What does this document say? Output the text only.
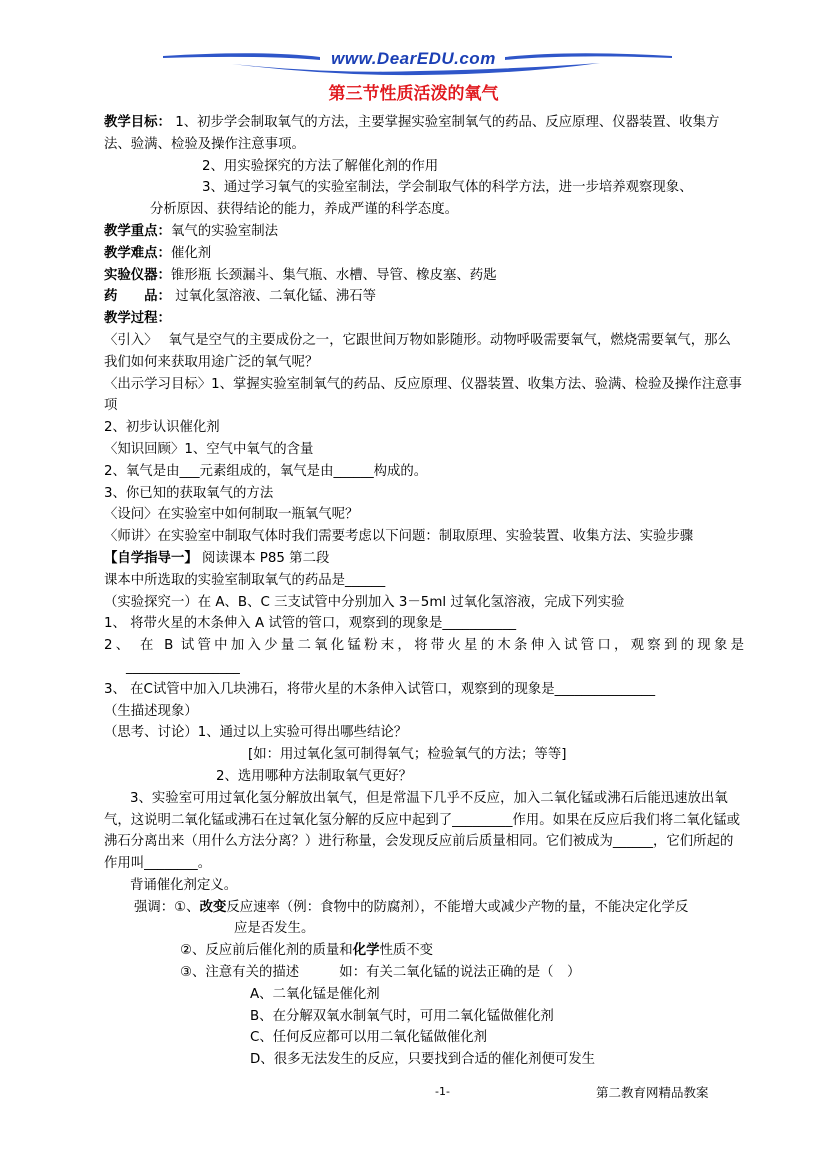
www.DearEDU.com
第三节性质活泼的氧气
教学目标： 1、初步学会制取氧气的方法，主要掌握实验室制氧气的药品、反应原理、仪器装置、收集方法、验满、检验及操作注意事项。
2、用实验探究的方法了解催化剂的作用
3、通过学习氧气的实验室制法，学会制取气体的科学方法，进一步培养观察现象、
分析原因、获得结论的能力，养成严谨的科学态度。
教学重点：氧气的实验室制法
教学难点：催化剂
实验仪器：锥形瓶 长颈漏斗、集气瓶、水槽、导管、橡皮塞、药匙
药　　品： 过氧化氢溶液、二氧化锰、沸石等
教学过程：
〈引入〉　 氧气是空气的主要成份之一，它跟世间万物如影随形。动物呼吸需要氧气，燃烧需要氧气，那么我们如何来获取用途广泛的氧气呢？
〈出示学习目标〉1、掌握实验室制氧气的药品、反应原理、仪器装置、收集方法、验满、检验及操作注意事项
2、初步认识催化剂
〈知识回顾〉1、空气中氧气的含量
2、氧气是由___元素组成的，氧气是由______构成的。
3、你已知的获取氧气的方法
〈设问〉在实验室中如何制取一瓶氧气呢？
〈师讲〉在实验室中制取气体时我们需要考虑以下问题：制取原理、实验装置、收集方法、实验步骤
【自学指导一】 阅读课本 P85 第二段
课本中所选取的实验室制取氧气的药品是______
（实验探究一）在 A、B、C 三支试管中分别加入 3－5ml 过氧化氢溶液，完成下列实验
1、 将带火星的木条伸入 A 试管的管口，观察到的现象是___________
2、 在 B 试管中加入少量二氧化锰粉末，将带火星的木条伸入试管口，观察到的现象是
_________________
3、 在C试管中加入几块沸石，将带火星的木条伸入试管口，观察到的现象是_______________
（生描述现象）
（思考、讨论）1、通过以上实验可得出哪些结论？
[如：用过氧化氢可制得氧气；检验氧气的方法；等等]
2、选用哪种方法制取氧气更好？
3、实验室可用过氧化氢分解放出氧气，但是常温下几乎不反应，加入二氧化锰或沸石后能迅速放出氧气，这说明二氧化锰或沸石在过氧化氢分解的反应中起到了_________作用。如果在反应后我们将二氧化锰或沸石分离出来（用什么方法分离？）进行称量，会发现反应前后质量相同。它们被成为______，它们所起的作用叫________。
背诵催化剂定义。
强调：①、改变反应速率（例：食物中的防腐剂），不能增大或减少产物的量，不能决定化学反
应是否发生。
②、反应前后催化剂的质量和化学性质不变
③、注意有关的描述　　　如：有关二氧化锰的说法正确的是（　）
A、二氧化锰是催化剂
B、在分解双氧水制氧气时，可用二氧化锰做催化剂
C、任何反应都可以用二氧化锰做催化剂
D、很多无法发生的反应，只要找到合适的催化剂便可发生
-1-	第二教育网精品教案
